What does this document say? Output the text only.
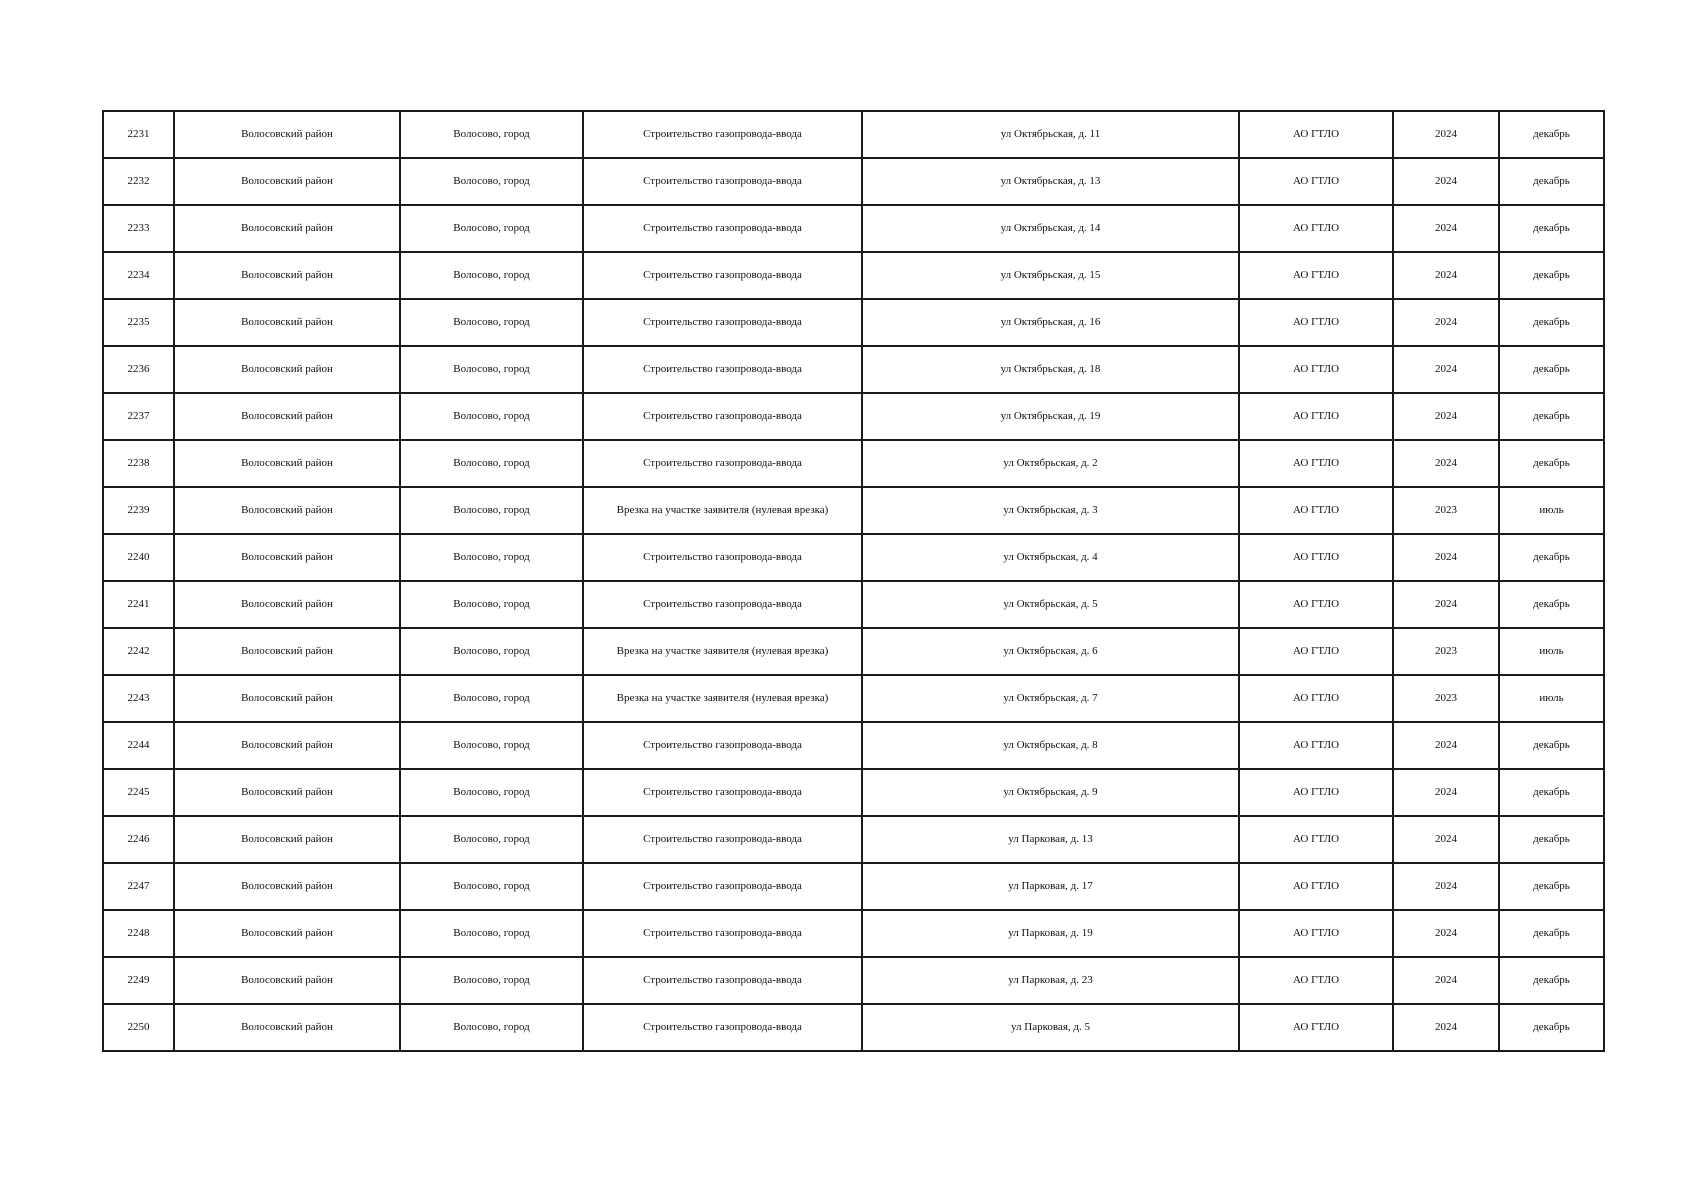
2231	Волосовский район	Волосово, город	Строительство газопровода-ввода	ул Октябрьская, д. 11	АО ГТЛО	2024	декабрь
2232	Волосовский район	Волосово, город	Строительство газопровода-ввода	ул Октябрьская, д. 13	АО ГТЛО	2024	декабрь
2233	Волосовский район	Волосово, город	Строительство газопровода-ввода	ул Октябрьская, д. 14	АО ГТЛО	2024	декабрь
2234	Волосовский район	Волосово, город	Строительство газопровода-ввода	ул Октябрьская, д. 15	АО ГТЛО	2024	декабрь
2235	Волосовский район	Волосово, город	Строительство газопровода-ввода	ул Октябрьская, д. 16	АО ГТЛО	2024	декабрь
2236	Волосовский район	Волосово, город	Строительство газопровода-ввода	ул Октябрьская, д. 18	АО ГТЛО	2024	декабрь
2237	Волосовский район	Волосово, город	Строительство газопровода-ввода	ул Октябрьская, д. 19	АО ГТЛО	2024	декабрь
2238	Волосовский район	Волосово, город	Строительство газопровода-ввода	ул Октябрьская, д. 2	АО ГТЛО	2024	декабрь
2239	Волосовский район	Волосово, город	Врезка на участке заявителя (нулевая врезка)	ул Октябрьская, д. 3	АО ГТЛО	2023	июль
2240	Волосовский район	Волосово, город	Строительство газопровода-ввода	ул Октябрьская, д. 4	АО ГТЛО	2024	декабрь
2241	Волосовский район	Волосово, город	Строительство газопровода-ввода	ул Октябрьская, д. 5	АО ГТЛО	2024	декабрь
2242	Волосовский район	Волосово, город	Врезка на участке заявителя (нулевая врезка)	ул Октябрьская, д. 6	АО ГТЛО	2023	июль
2243	Волосовский район	Волосово, город	Врезка на участке заявителя (нулевая врезка)	ул Октябрьская, д. 7	АО ГТЛО	2023	июль
2244	Волосовский район	Волосово, город	Строительство газопровода-ввода	ул Октябрьская, д. 8	АО ГТЛО	2024	декабрь
2245	Волосовский район	Волосово, город	Строительство газопровода-ввода	ул Октябрьская, д. 9	АО ГТЛО	2024	декабрь
2246	Волосовский район	Волосово, город	Строительство газопровода-ввода	ул Парковая, д. 13	АО ГТЛО	2024	декабрь
2247	Волосовский район	Волосово, город	Строительство газопровода-ввода	ул Парковая, д. 17	АО ГТЛО	2024	декабрь
2248	Волосовский район	Волосово, город	Строительство газопровода-ввода	ул Парковая, д. 19	АО ГТЛО	2024	декабрь
2249	Волосовский район	Волосово, город	Строительство газопровода-ввода	ул Парковая, д. 23	АО ГТЛО	2024	декабрь
2250	Волосовский район	Волосово, город	Строительство газопровода-ввода	ул Парковая, д. 5	АО ГТЛО	2024	декабрь
